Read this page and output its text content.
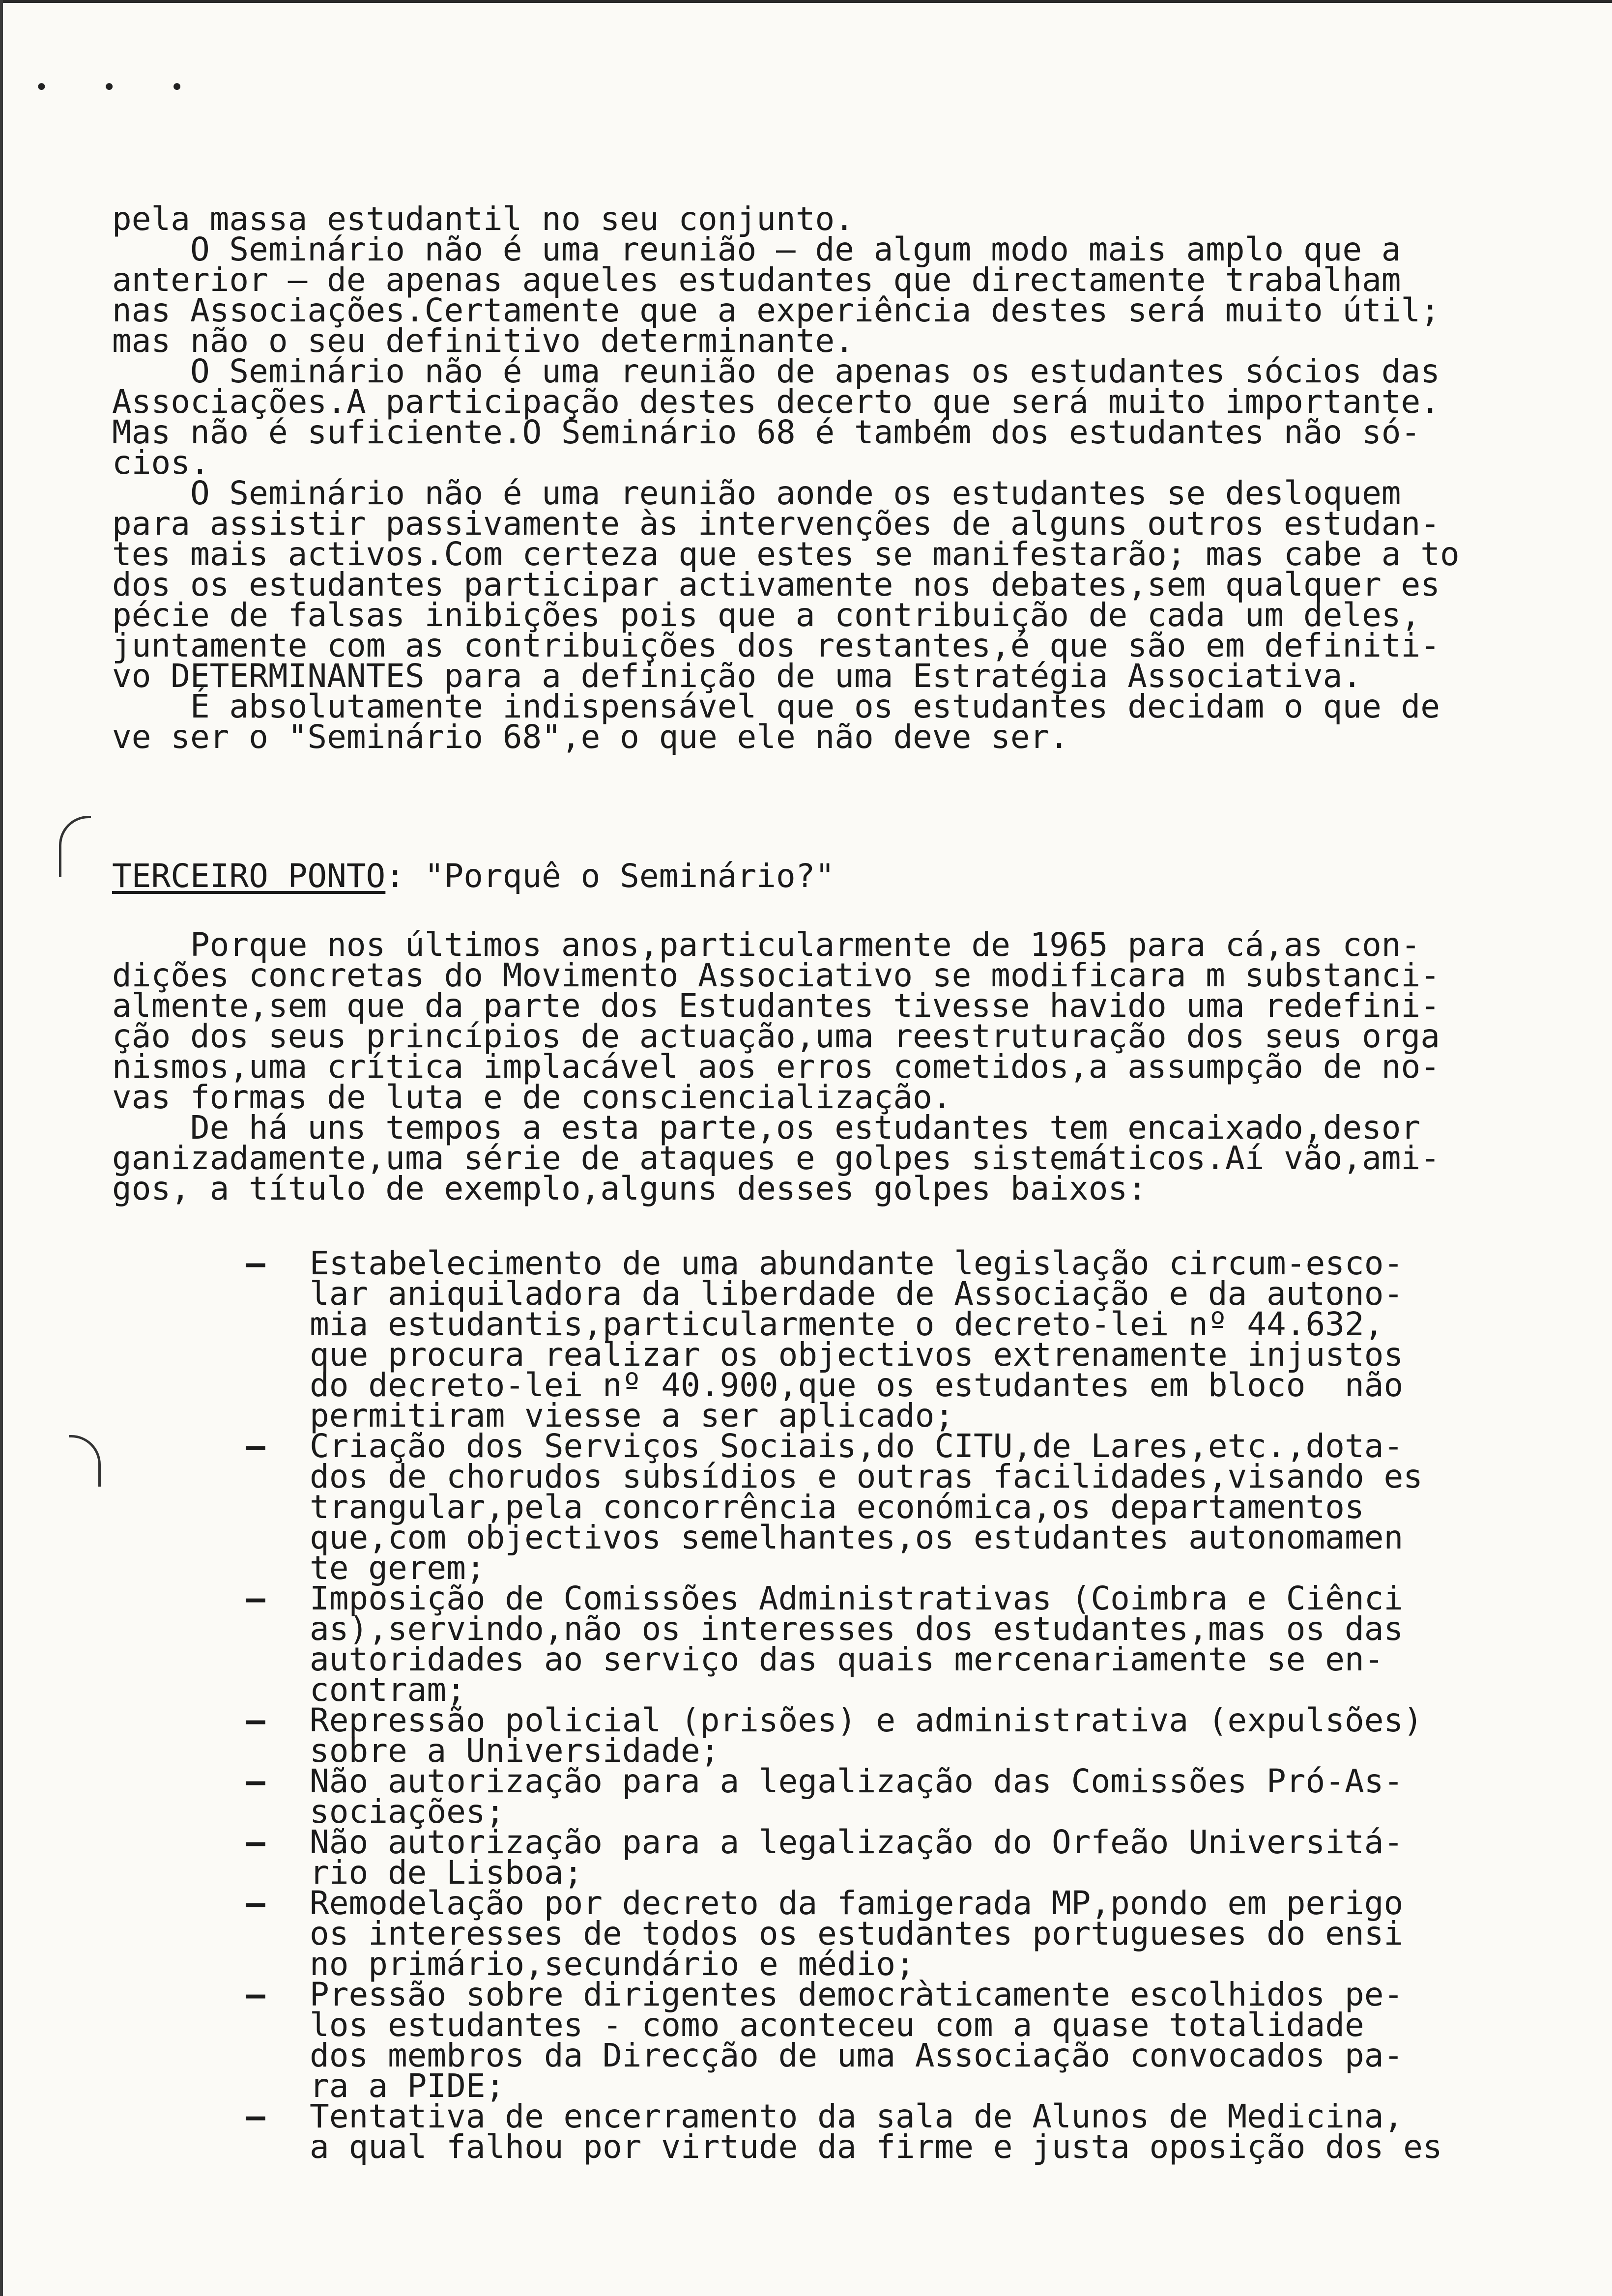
• • •
pela massa estudantil no seu conjunto.
O Seminário não é uma reunião — de algum modo mais amplo que a
anterior — de apenas aqueles estudantes que directamente trabalham
nas Associações.Certamente que a experiência destes será muito útil;
mas não o seu definitivo determinante.
O Seminário não é uma reunião de apenas os estudantes sócios das
Associações.A participação destes decerto que será muito importante.
Mas não é suficiente.O Seminário 68 é também dos estudantes não só-
cios.
O Seminário não é uma reunião aonde os estudantes se desloquem
para assistir passivamente às intervenções de alguns outros estudan-
tes mais activos.Com certeza que estes se manifestarão; mas cabe a to
dos os estudantes participar activamente nos debates,sem qualquer es
pécie de falsas inibições pois que a contribuição de cada um deles,
juntamente com as contribuições dos restantes,é que são em definiti-
vo DETERMINANTES para a definição de uma Estratégia Associativa.
É absolutamente indispensável que os estudantes decidam o que de
ve ser o "Seminário 68",e o que ele não deve ser.
TERCEIRO PONTO: "Porquê o Seminário?"
Porque nos últimos anos,particularmente de 1965 para cá,as con-
dições concretas do Movimento Associativo se modificara m substanci-
almente,sem que da parte dos Estudantes tivesse havido uma redefini-
ção dos seus princípios de actuação,uma reestruturação dos seus orga
nismos,uma crítica implacável aos erros cometidos,a assumpção de no-
vas formas de luta e de consciencialização.
De há uns tempos a esta parte,os estudantes tem encaixado,desor
ganizadamente,uma série de ataques e golpes sistemáticos.Aí vão,ami-
gos, a título de exemplo,alguns desses golpes baixos:
—	Estabelecimento de uma abundante legislação circum-esco-
lar aniquiladora da liberdade de Associação e da autono-
mia estudantis,particularmente o decreto-lei nº 44.632,
que procura realizar os objectivos extrenamente injustos
do decreto-lei nº 40.900,que os estudantes em bloco  não
permitiram viesse a ser aplicado;
—	Criação dos Serviços Sociais,do CITU,de Lares,etc.,dota-
dos de chorudos subsídios e outras facilidades,visando es
trangular,pela concorrência económica,os departamentos
que,com objectivos semelhantes,os estudantes autonomamen
te gerem;
—	Imposição de Comissões Administrativas (Coimbra e Ciênci
as),servindo,não os interesses dos estudantes,mas os das
autoridades ao serviço das quais mercenariamente se en-
contram;
—	Repressão policial (prisões) e administrativa (expulsões)
sobre a Universidade;
—	Não autorização para a legalização das Comissões Pró-As-
sociações;
—	Não autorização para a legalização do Orfeão Universitá-
rio de Lisboa;
—	Remodelação por decreto da famigerada MP,pondo em perigo
os interesses de todos os estudantes portugueses do ensi
no primário,secundário e médio;
—	Pressão sobre dirigentes democràticamente escolhidos pe-
los estudantes - como aconteceu com a quase totalidade
dos membros da Direcção de uma Associação convocados pa-
ra a PIDE;
—	Tentativa de encerramento da sala de Alunos de Medicina,
a qual falhou por virtude da firme e justa oposição dos es
